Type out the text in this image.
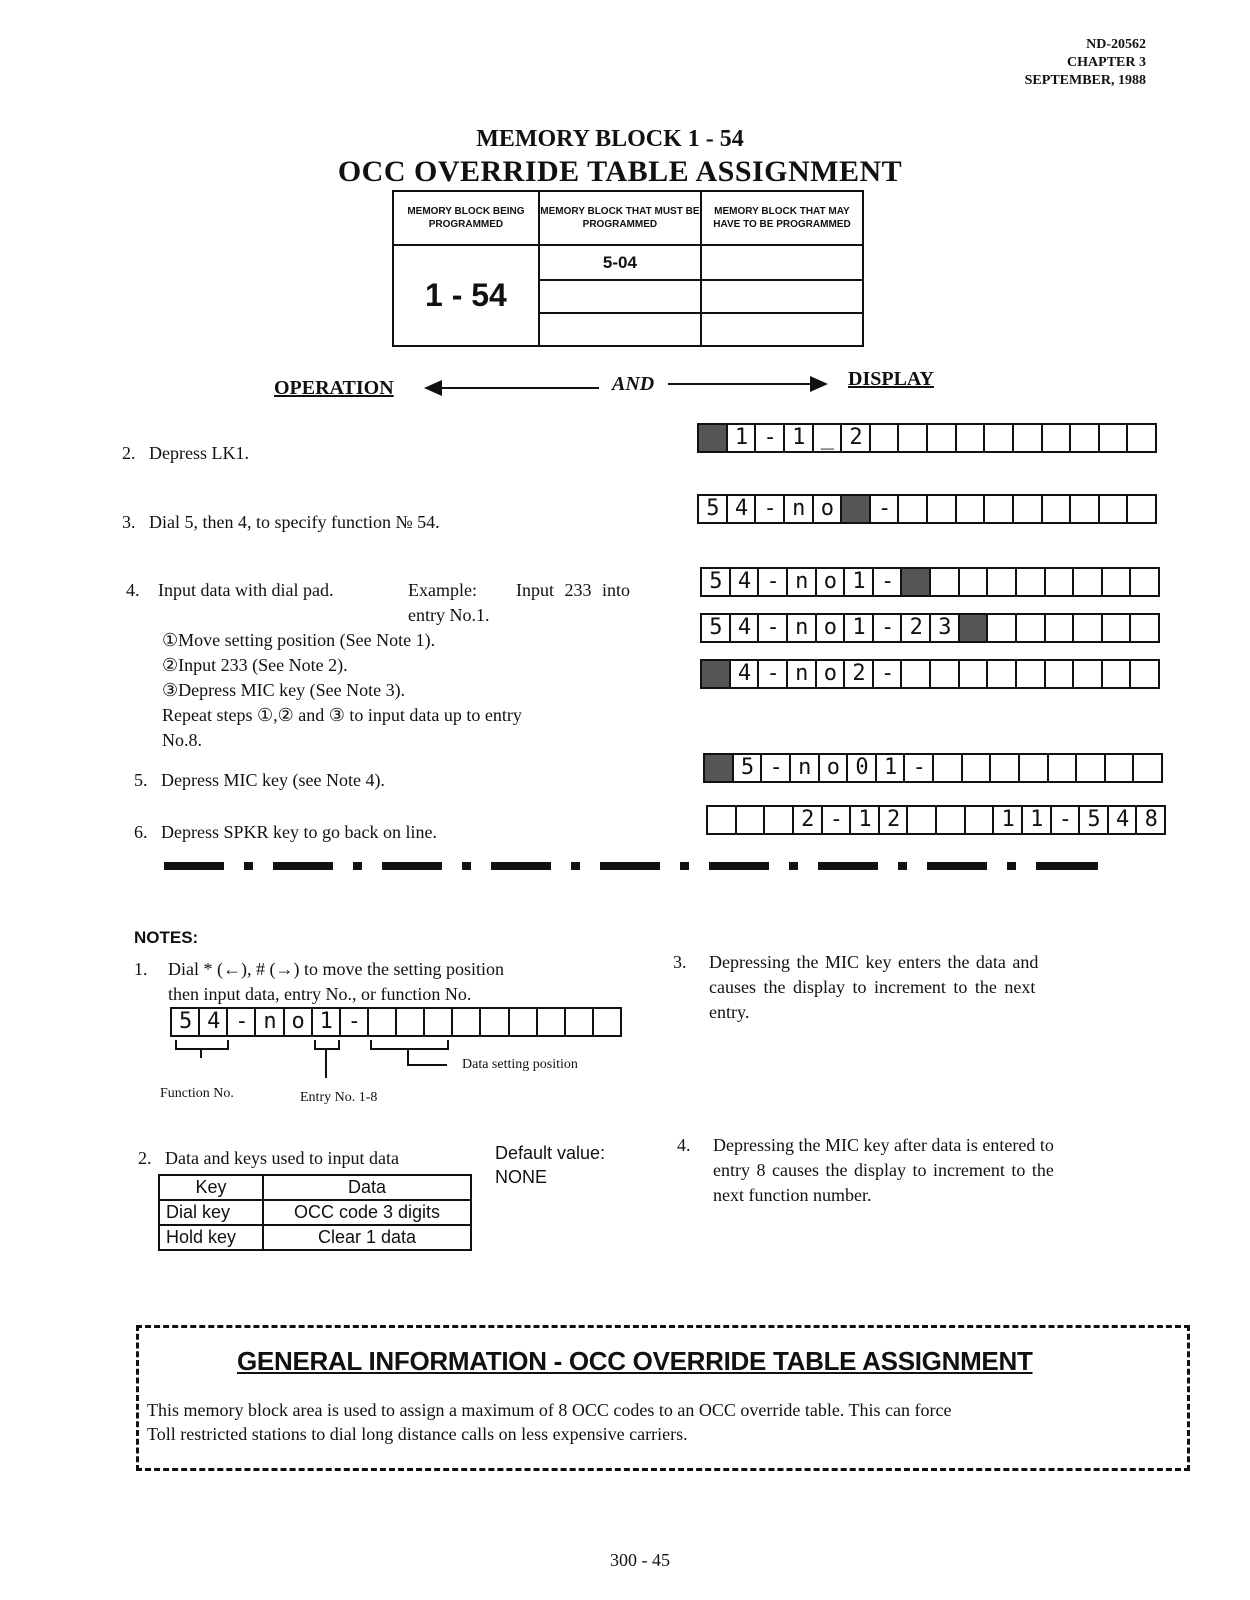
ND-20562
CHAPTER 3
SEPTEMBER, 1988
MEMORY BLOCK 1 - 54
OCC OVERRIDE TABLE ASSIGNMENT
MEMORY BLOCK BEING PROGRAMMED	MEMORY BLOCK THAT MUST BE PROGRAMMED	MEMORY BLOCK THAT MAY HAVE TO BE PROGRAMMED
1 - 54	5-04	

OPERATION	AND	DISPLAY
2. Depress LK1.
3. Dial 5, then 4, to specify function № 54.
4.	Input data with dial pad.	Example:	Input 233 into
entry No.1.
①Move setting position (See Note 1).
②Input 233 (See Note 2).
③Depress MIC key (See Note 3).
Repeat steps ①,② and ③ to input data up to entry
No.8.
5. Depress MIC key (see Note 4).
6. Depress SPKR key to go back on line.
1 - 1 _ 2
5 4 - n o	-
5 4 - n o 1 -
5 4 - n o 1 - 2 3
4 - n o 2 -
5 - n o 0 1 -
2 - 1 2	1 1 - 5 4 8
NOTES:
1.	Dial * (←), # (→) to move the setting position
then input data, entry No., or function No.
5 4 - n o 1 -
Function No.	Entry No. 1-8
Data setting position
2. Data and keys used to input data	Default value:
NONE
Key	Data
Dial key	OCC code 3 digits
Hold key	Clear 1 data
3.	Depressing the MIC key enters the data and
causes the display to increment to the next
entry.
4.	Depressing the MIC key after data is entered to
entry 8 causes the display to increment to the
next function number.
GENERAL INFORMATION - OCC OVERRIDE TABLE ASSIGNMENT
This memory block area is used to assign a maximum of 8 OCC codes to an OCC override table. This can force
Toll restricted stations to dial long distance calls on less expensive carriers.
300 - 45
